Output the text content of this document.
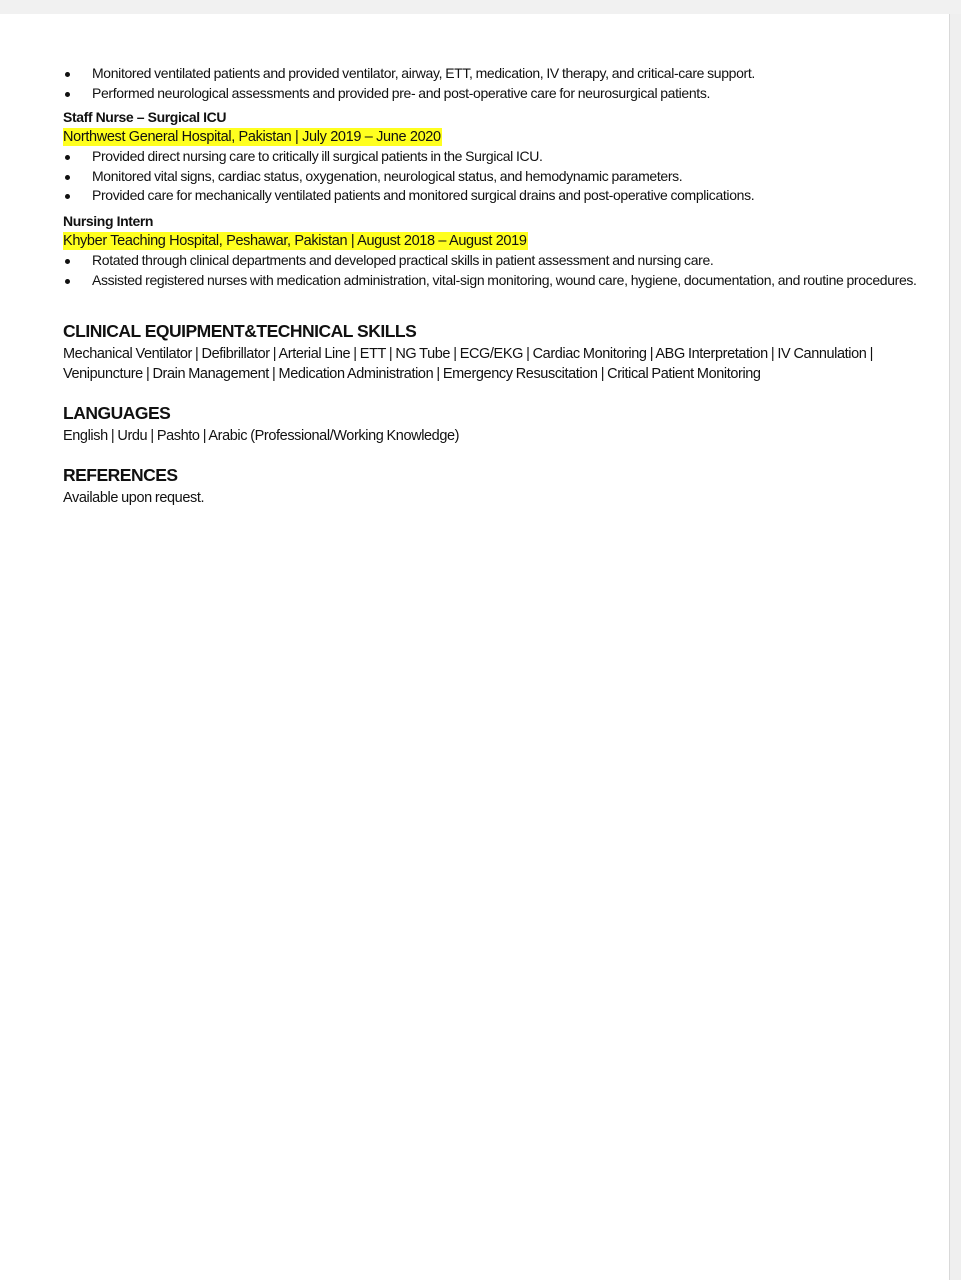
Monitored ventilated patients and provided ventilator, airway, ETT, medication, IV therapy, and critical-care support.
Performed neurological assessments and provided pre- and post-operative care for neurosurgical patients.
Staff Nurse – Surgical ICU
Northwest General Hospital, Pakistan | July 2019 – June 2020
Provided direct nursing care to critically ill surgical patients in the Surgical ICU.
Monitored vital signs, cardiac status, oxygenation, neurological status, and hemodynamic parameters.
Provided care for mechanically ventilated patients and monitored surgical drains and post-operative complications.
Nursing Intern
Khyber Teaching Hospital, Peshawar, Pakistan | August 2018 – August 2019
Rotated through clinical departments and developed practical skills in patient assessment and nursing care.
Assisted registered nurses with medication administration, vital-sign monitoring, wound care, hygiene, documentation, and routine procedures.
CLINICAL EQUIPMENT&TECHNICAL SKILLS
Mechanical Ventilator | Defibrillator | Arterial Line | ETT | NG Tube | ECG/EKG | Cardiac Monitoring | ABG Interpretation | IV Cannulation | Venipuncture | Drain Management | Medication Administration | Emergency Resuscitation | Critical Patient Monitoring
LANGUAGES
English | Urdu | Pashto | Arabic (Professional/Working Knowledge)
REFERENCES
Available upon request.
